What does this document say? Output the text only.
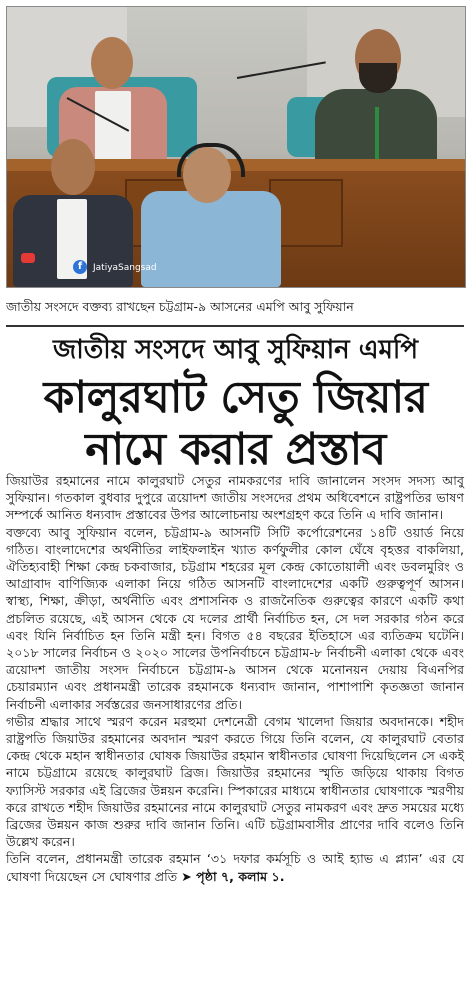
f	JatiyaSangsad
জাতীয় সংসদে বক্তব্য রাখছেন চট্টগ্রাম-৯ আসনের এমপি আবু সুফিয়ান
জাতীয় সংসদে আবু সুফিয়ান এমপি
কালুরঘাট সেতু জিয়ার
নামে করার প্রস্তাব

জিয়াউর রহমানের নামে কালুরঘাট সেতুর নামকরণের দাবি জানালেন সংসদ সদস্য আবু সুফিয়ান। গতকাল বুধবার দুপুরে ত্রয়োদশ জাতীয় সংসদের প্রথম অধিবেশনে রাষ্ট্রপতির ভাষণ সম্পর্কে আনিত ধন্যবাদ প্রস্তাবের উপর আলোচনায় অংশগ্রহণ করে তিনি এ দাবি জানান।

বক্তব্যে আবু সুফিয়ান বলেন, চট্টগ্রাম-৯ আসনটি সিটি কর্পোরেশনের ১৪টি ওয়ার্ড নিয়ে গঠিত। বাংলাদেশের অর্থনীতির লাইফলাইন খ্যাত কর্ণফুলীর কোল ঘেঁষে বৃহত্তর বাকলিয়া, ঐতিহ্যবাহী শিক্ষা কেন্দ্র চকবাজার, চট্টগ্রাম শহরের মূল কেন্দ্র কোতোয়ালী এবং ডবলমুরিং ও আগ্রাবাদ বাণিজ্যিক এলাকা নিয়ে গঠিত আসনটি বাংলাদেশের একটি গুরুত্বপূর্ণ আসন। স্বাস্থ্য, শিক্ষা, ক্রীড়া, অর্থনীতি এবং প্রশাসনিক ও রাজনৈতিক গুরুত্বের কারণে একটি কথা প্রচলিত রয়েছে, এই আসন থেকে যে দলের প্রার্থী নির্বাচিত হন, সে দল সরকার গঠন করে এবং যিনি নির্বাচিত হন তিনি মন্ত্রী হন। বিগত ৫৪ বছরের ইতিহাসে এর ব্যতিক্রম ঘটেনি। ২০১৮ সালের নির্বাচন ও ২০২০ সালের উপনির্বাচনে চট্টগ্রাম-৮ নির্বাচনী এলাকা থেকে এবং ত্রয়োদশ জাতীয় সংসদ নির্বাচনে চট্টগ্রাম-৯ আসন থেকে মনোনয়ন দেয়ায় বিএনপির চেয়ারম্যান এবং প্রধানমন্ত্রী তারেক রহমানকে ধন্যবাদ জানান, পাশাপাশি কৃতজ্ঞতা জানান নির্বাচনী এলাকার সর্বস্তরের জনসাধারণের প্রতি।

গভীর শ্রদ্ধার সাথে স্মরণ করেন মরহুমা দেশনেত্রী বেগম খালেদা জিয়ার অবদানকে। শহীদ রাষ্ট্রপতি জিয়াউর রহমানের অবদান স্মরণ করতে গিয়ে তিনি বলেন, যে কালুরঘাট বেতার কেন্দ্র থেকে মহান স্বাধীনতার ঘোষক জিয়াউর রহমান স্বাধীনতার ঘোষণা দিয়েছিলেন সে একই নামে চট্টগ্রামে রয়েছে কালুরঘাট ব্রিজ। জিয়াউর রহমানের স্মৃতি জড়িয়ে থাকায় বিগত ফ্যাসিস্ট সরকার এই ব্রিজের উন্নয়ন করেনি। স্পিকারের মাধ্যমে স্বাধীনতার ঘোষণাকে স্মরণীয় করে রাখতে শহীদ জিয়াউর রহমানের নামে কালুরঘাট সেতুর নামকরণ এবং দ্রুত সময়ের মধ্যে ব্রিজের উন্নয়ন কাজ শুরুর দাবি জানান তিনি। এটি চট্টগ্রামবাসীর প্রাণের দাবি বলেও তিনি উল্লেখ করেন।

তিনি বলেন, প্রধানমন্ত্রী তারেক রহমান ‘৩১ দফার কর্মসূচি ও আই হ্যাভ এ প্ল্যান’ এর যে ঘোষণা দিয়েছেন সে ঘোষণার প্রতি ➤ পৃষ্ঠা ৭, কলাম ১.
